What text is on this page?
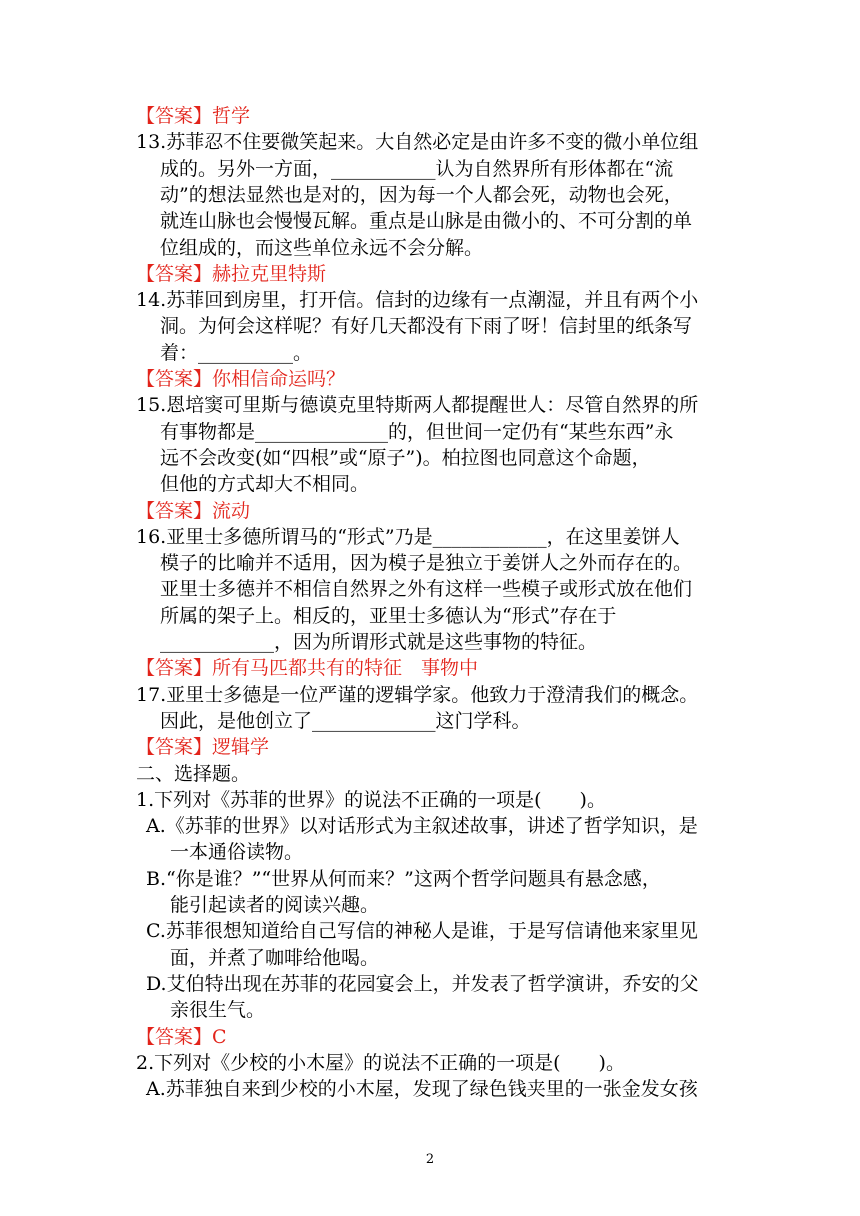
【答案】哲学
13.苏菲忍不住要微笑起来。大自然必定是由许多不变的微小单位组
成的。另外一方面，___________认为自然界所有形体都在“流
动”的想法显然也是对的，因为每一个人都会死，动物也会死，
就连山脉也会慢慢瓦解。重点是山脉是由微小的、不可分割的单
位组成的，而这些单位永远不会分解。
【答案】赫拉克里特斯
14.苏菲回到房里，打开信。信封的边缘有一点潮湿，并且有两个小
洞。为何会这样呢？有好几天都没有下雨了呀！信封里的纸条写
着：__________。
【答案】你相信命运吗？
15.恩培窦可里斯与德谟克里特斯两人都提醒世人：尽管自然界的所
有事物都是______________的，但世间一定仍有“某些东西”永
远不会改变(如“四根”或“原子”)。柏拉图也同意这个命题，
但他的方式却大不相同。
【答案】流动
16.亚里士多德所谓马的“形式”乃是____________，在这里姜饼人
模子的比喻并不适用，因为模子是独立于姜饼人之外而存在的。
亚里士多德并不相信自然界之外有这样一些模子或形式放在他们
所属的架子上。相反的，亚里士多德认为“形式”存在于
____________，因为所谓形式就是这些事物的特征。
【答案】所有马匹都共有的特征　事物中
17.亚里士多德是一位严谨的逻辑学家。他致力于澄清我们的概念。
因此，是他创立了_____________这门学科。
【答案】逻辑学
二、选择题。
1.下列对《苏菲的世界》的说法不正确的一项是(　　)。
A.《苏菲的世界》以对话形式为主叙述故事，讲述了哲学知识，是
一本通俗读物。
B.“你是谁？”“世界从何而来？”这两个哲学问题具有悬念感，
能引起读者的阅读兴趣。
C.苏菲很想知道给自己写信的神秘人是谁，于是写信请他来家里见
面，并煮了咖啡给他喝。
D.艾伯特出现在苏菲的花园宴会上，并发表了哲学演讲，乔安的父
亲很生气。
【答案】C
2.下列对《少校的小木屋》的说法不正确的一项是(　　)。
A.苏菲独自来到少校的小木屋，发现了绿色钱夹里的一张金发女孩
2
